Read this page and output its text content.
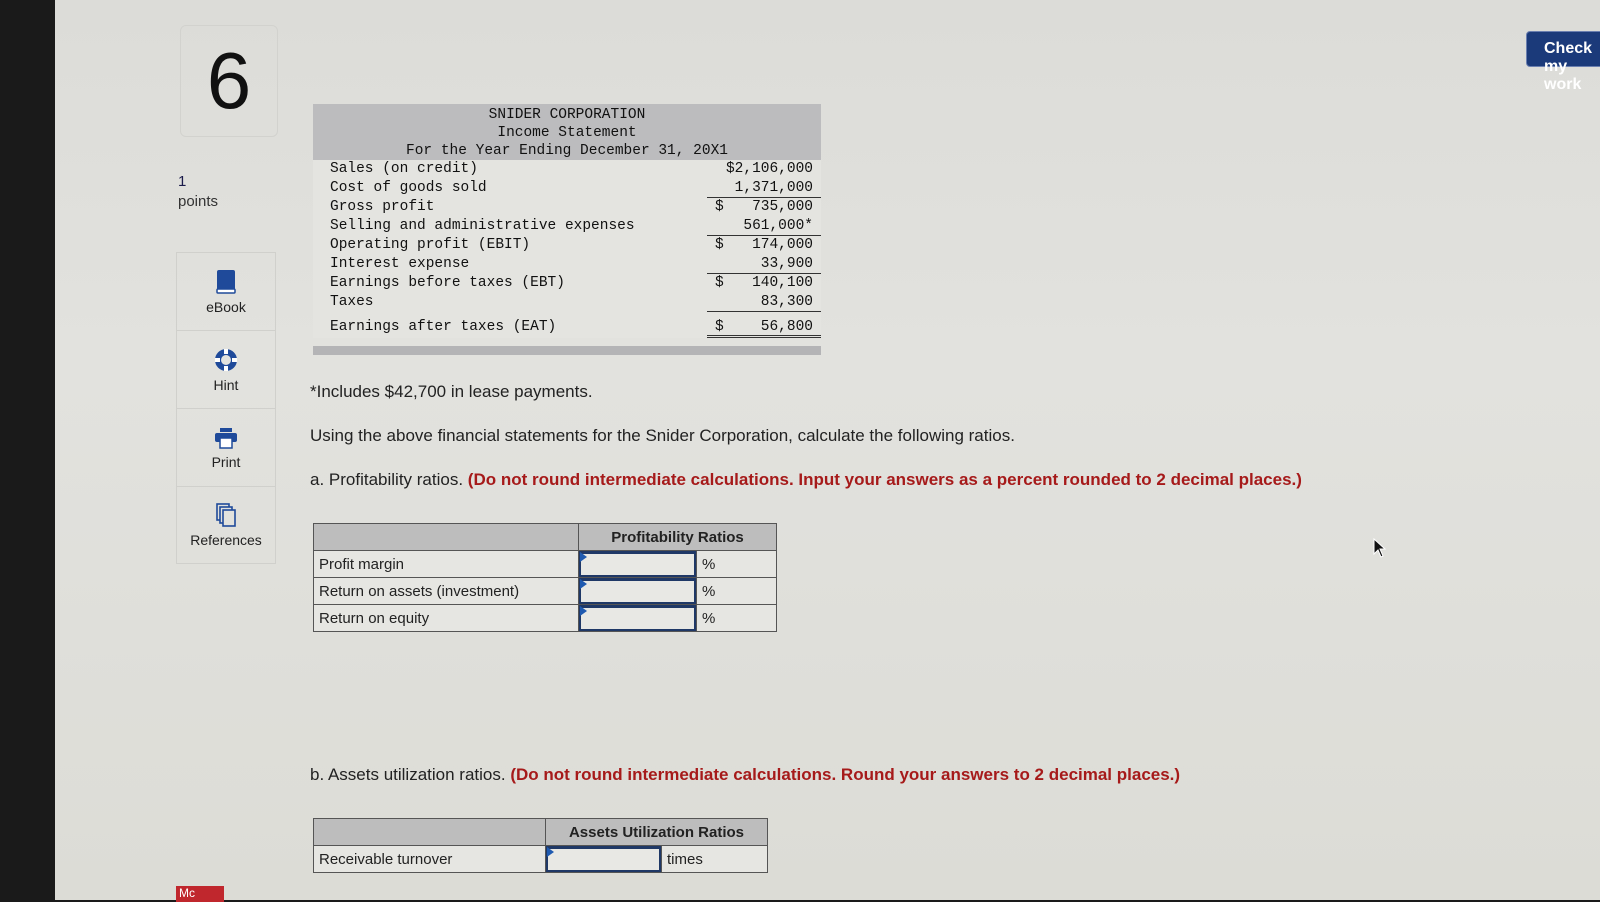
6
1
points
eBook
Hint
Print
References
Check my work
SNIDER CORPORATION
Income Statement
For the Year Ending December 31, 20X1
Sales (on credit)	$2,106,000
Cost of goods sold	1,371,000
Gross profit	$ 735,000
Selling and administrative expenses	561,000*
Operating profit (EBIT)	$ 174,000
Interest expense	33,900
Earnings before taxes (EBT)	$ 140,100
Taxes	83,300
Earnings after taxes (EAT)	$	56,800
*Includes $42,700 in lease payments.
Using the above financial statements for the Snider Corporation, calculate the following ratios.
a. Profitability ratios. (Do not round intermediate calculations. Input your answers as a percent rounded to 2 decimal places.)
	Profitability Ratios	
Profit margin		%
Return on assets (investment)		%
Return on equity		%
b. Assets utilization ratios. (Do not round intermediate calculations. Round your answers to 2 decimal places.)
	Assets Utilization Ratios	
Receivable turnover		times
Mc
